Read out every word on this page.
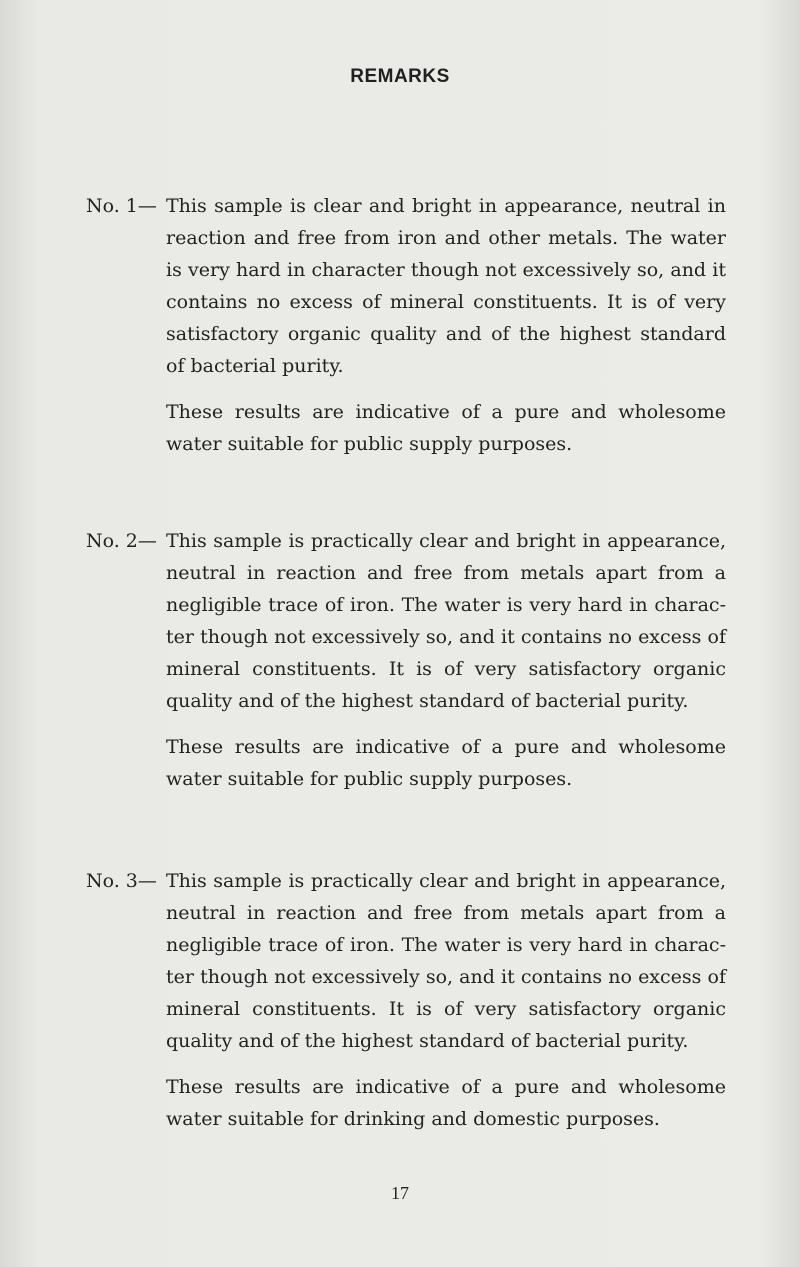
REMARKS
No. 1— This sample is clear and bright in appearance, neutral in reaction and free from iron and other metals. The water is very hard in character though not excessively so, and it contains no excess of mineral constituents. It is of very satisfactory organic quality and of the highest standard of bacterial purity.
These results are indicative of a pure and wholesome water suitable for public supply purposes.
No. 2— This sample is practically clear and bright in appearance, neutral in reaction and free from metals apart from a negligible trace of iron. The water is very hard in charac- ter though not excessively so, and it contains no excess of mineral constituents. It is of very satisfactory organic quality and of the highest standard of bacterial purity.
These results are indicative of a pure and wholesome water suitable for public supply purposes.
No. 3— This sample is practically clear and bright in appearance, neutral in reaction and free from metals apart from a negligible trace of iron. The water is very hard in charac- ter though not excessively so, and it contains no excess of mineral constituents. It is of very satisfactory organic quality and of the highest standard of bacterial purity.
These results are indicative of a pure and wholesome water suitable for drinking and domestic purposes.
17
